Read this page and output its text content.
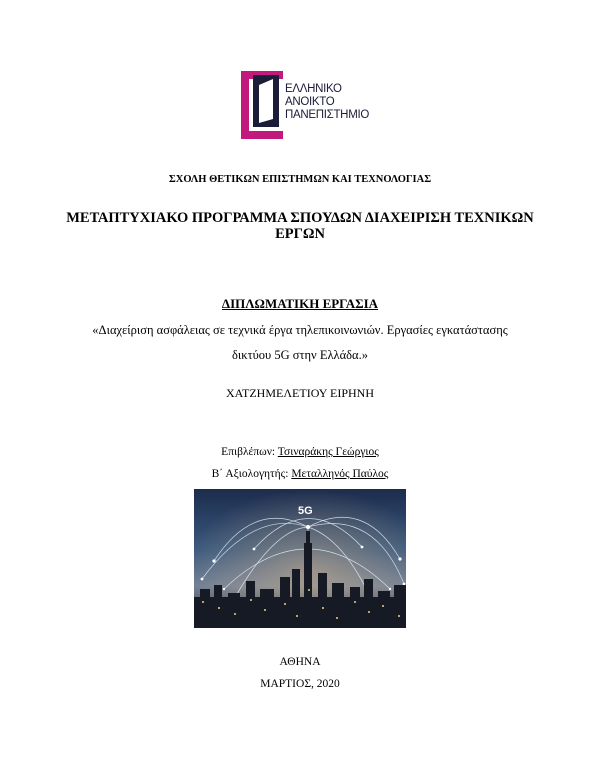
ΕΛΛΗΝΙΚΟ
ΑΝΟΙΚΤΟ
ΠΑΝΕΠΙΣΤΗΜΙΟ
ΣΧΟΛΗ ΘΕΤΙΚΩΝ ΕΠΙΣΤΗΜΩΝ ΚΑΙ ΤΕΧΝΟΛΟΓΙΑΣ
ΜΕΤΑΠΤΥΧΙΑΚΟ ΠΡΟΓΡΑΜΜΑ ΣΠΟΥΔΩΝ ΔΙΑΧΕΙΡΙΣΗ ΤΕΧΝΙΚΩΝ
ΕΡΓΩΝ
ΔΙΠΛΩΜΑΤΙΚΗ ΕΡΓΑΣΙΑ
«Διαχείριση ασφάλειας σε τεχνικά έργα τηλεπικοινωνιών. Εργασίες εγκατάστασης
δικτύου 5G στην Ελλάδα.»
ΧΑΤΖΗΜΕΛΕΤΙΟΥ ΕΙΡΗΝΗ
Επιβλέπων: Τσιναράκης Γεώργιος
Β΄ Αξιολογητής: Μεταλληνός Παύλος
5G
ΑΘΗΝΑ
ΜΑΡΤΙΟΣ, 2020
